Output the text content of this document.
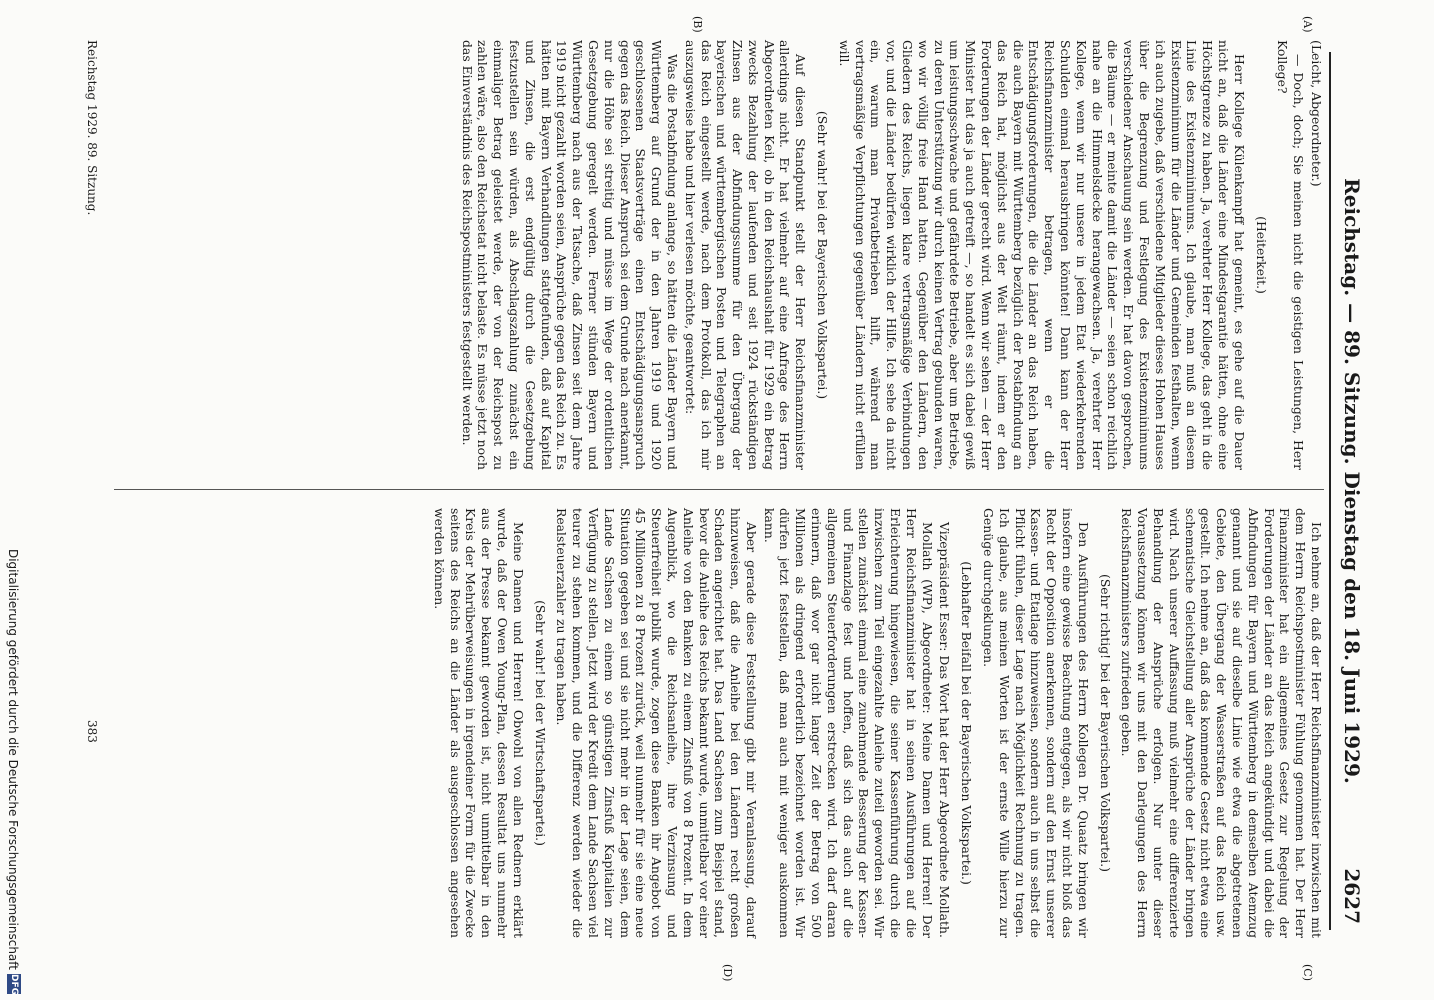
Reichstag. — 89. Sitzung. Dienstag den 18. Juni 1929.
2627
(A)
(B)
(C)
(D)

(Leicht, Abgeordneter.)

— Doch, doch; Sie meinen nicht die geistigen Leistungen, Herr Kollege?

(Heiterkeit.)

Herr Kollege Külenkampff hat gemeint, es gehe auf die Dauer nicht an, daß die Länder eine Mindestgarantie hätten, ohne eine Höchstgrenze zu haben. Ja, verehrter Herr Kollege, das geht in die Linie des Existenzminimums. Ich glaube, man muß an diesem Existenzminimum für die Länder und Gemeinden festhalten, wenn ich auch zugebe, daß verschiedene Mitglieder dieses Hohen Hauses über die Begrenzung und Festlegung des Existenzminimums verschiedener Anschauung sein werden. Er hat davon gesprochen, die Bäume — er meinte damit die Länder — seien schon reichlich nahe an die Himmelsdecke herangewachsen. Ja, verehrter Herr Kollege, wenn wir nur unsere in jedem Etat wiederkehrenden Schulden einmal herausbringen könnten! Dann kann der Herr Reichsfinanzminister betragen, wenn er die Entschädigungsforderungen, die die Länder an das Reich haben, die auch Bayern mit Württemberg bezüglich der Postabfindung an das Reich hat, möglichst aus der Welt räumt, indem er den Forderungen der Länder gerecht wird. Wenn wir sehen — der Herr Minister hat das ja auch getreift —, so handelt es sich dabei gewiß um leistungsschwache und gefährdete Betriebe, aber um Betriebe, zu deren Unterstützung wir durch keinen Vertrag gebunden waren, wo wir völlig freie Hand hatten. Gegenüber den Ländern, den Gliedern des Reichs, liegen klare vertragsmäßige Verbindungen vor, und die Länder bedürfen wirklich der Hilfe. Ich sehe da nicht ein, warum man Privatbetrieben hilft, während man vertragsmäßige Verpflichtungen gegenüber Ländern nicht erfüllen will.

(Sehr wahr! bei der Bayerischen Volkspartei.)

Auf diesen Standpunkt stellt der Herr Reichsfinanzminister allerdings nicht. Er hat vielmehr auf eine Anfrage des Herrn Abgeordneten Keil, ob in den Reichshaushalt für 1929 ein Betrag zwecks Bezahlung der laufenden und seit 1924 rückständigen Zinsen aus der Abfindungssumme für den Übergang der bayerischen und württembergischen Posten und Telegraphen an das Reich eingestellt werde, nach dem Protokoll, das ich mir auszugsweise habe und hier verlesen möchte, geantwortet:

Was die Postabfindung anlange, so hätten die Länder Bayern und Württemberg auf Grund der in den Jahren 1919 und 1920 geschlossenen Staatsverträge einen Entschädigungsanspruch gegen das Reich. Dieser Anspruch sei dem Grunde nach anerkannt, nur die Höhe sei streitig und müsse im Wege der ordentlichen Gesetzgebung geregelt werden. Ferner stünden Bayern und Württemberg nach aus der Tatsache, daß Zinsen seit dem Jahre 1919 nicht gezahlt worden seien, Ansprüche gegen das Reich zu. Es hätten mit Bayern Verhandlungen stattgefunden, daß auf Kapital und Zinsen, die erst endgültig durch die Gesetzgebung festzustellen sein würden, als Abschlagszahlung zunächst ein einmaliger Betrag geleistet werde, der von der Reichspost zu zahlen wäre, also den Reichsetat nicht belaste. Es müsse jetzt noch das Einverständnis des Reichspostministers festgestellt werden.

Ich nehme an, daß der Herr Reichsfinanzminister inzwischen mit dem Herrn Reichspostminister Fühlung genommen hat. Der Herr Finanzminister hat ein allgemeines Gesetz zur Regelung der Forderungen der Länder an das Reich angekündigt und dabei die Abfindungen für Bayern und Württemberg in demselben Atemzug genannt und sie auf dieselbe Linie wie etwa die abgetretenen Gebiete, den Übergang der Wasserstraßen auf das Reich usw. gestellt. Ich nehme an, daß das kommende Gesetz nicht etwa eine schematische Gleichstellung aller Ansprüche der Länder bringen wird. Nach unserer Auffassung muß vielmehr eine differenzierte Behandlung der Ansprüche erfolgen. Nur unter dieser Voraussetzung können wir uns mit den Darlegungen des Herrn Reichsfinanzministers zufrieden geben.

(Sehr richtig! bei der Bayerischen Volkspartei.)

Den Ausführungen des Herrn Kollegen Dr. Quaatz bringen wir insofern eine gewisse Beachtung entgegen, als wir nicht bloß das Recht der Opposition anerkennen, sondern auf den Ernst unserer Kassen- und Etatlage hinzuweisen, sondern auch in uns selbst die Pflicht fühlen, dieser Lage nach Möglichkeit Rechnung zu tragen. Ich glaube, aus meinen Worten ist der ernste Wille hierzu zur Genüge durchgeklungen.

(Lebhafter Beifall bei der Bayerischen Volkspartei.)

Vizepräsident Esser: Das Wort hat der Herr Abgeordnete Mollath.

Mollath (WP), Abgeordneter: Meine Damen und Herren! Der Herr Reichsfinanzminister hat in seinen Ausführungen auf die Erleichterung hingewiesen, die seiner Kassenführung durch die inzwischen zum Teil eingezahlte Anleihe zuteil geworden sei. Wir stellen zunächst einmal eine zunehmende Besserung der Kassen- und Finanzlage fest und hoffen, daß sich das auch auf die allgemeinen Steuerforderungen erstrecken wird. Ich darf daran erinnern, daß wor gar nicht langer Zeit der Betrag von 500 Millionen als dringend erforderlich bezeichnet worden ist. Wir dürfen jetzt feststellen, daß man auch mit weniger auskommen kann.

Aber gerade diese Feststellung gibt mir Veranlassung, darauf hinzuweisen, daß die Anleihe bei den Ländern recht großen Schaden angerichtet hat. Das Land Sachsen zum Beispiel stand, bevor die Anleihe des Reichs bekannt wurde, unmittelbar vor einer Anleihe von den Banken zu einem Zinsfuß von 8 Prozent. In dem Augenblick, wo die Reichsanleihe, ihre Verzinsung und Steuerfreiheit publik wurde, zogen diese Banken ihr Angebot von 45 Millionen zu 8 Prozent zurück, weil nunmehr für sie eine neue Situation gegeben sei und sie nicht mehr in der Lage seien, dem Lande Sachsen zu einem so günstigen Zinsfuß Kapitalien zur Verfügung zu stellen. Jetzt wird der Kredit dem Lande Sachsen viel teurer zu stehen kommen, und die Differenz werden wieder die Realsteuerzahler zu tragen haben.

(Sehr wahr! bei der Wirtschaftspartei.)

Meine Damen und Herren! Obwohl von allen Rednern erklärt wurde, daß der Owen Young-Plan, dessen Resultat uns nunmehr aus der Presse bekannt geworden ist, nicht unmittelbar in den Kreis der Mehrüberweisungen in irgendeiner Form für die Zwecke seitens des Reichs an die Länder als ausgeschlossen angesehen werden können.

Reichstag 1929. 89. Sitzung.
383
Digitalisierung gefördert durch die Deutsche Forschungsgemeinschaft
DFG
